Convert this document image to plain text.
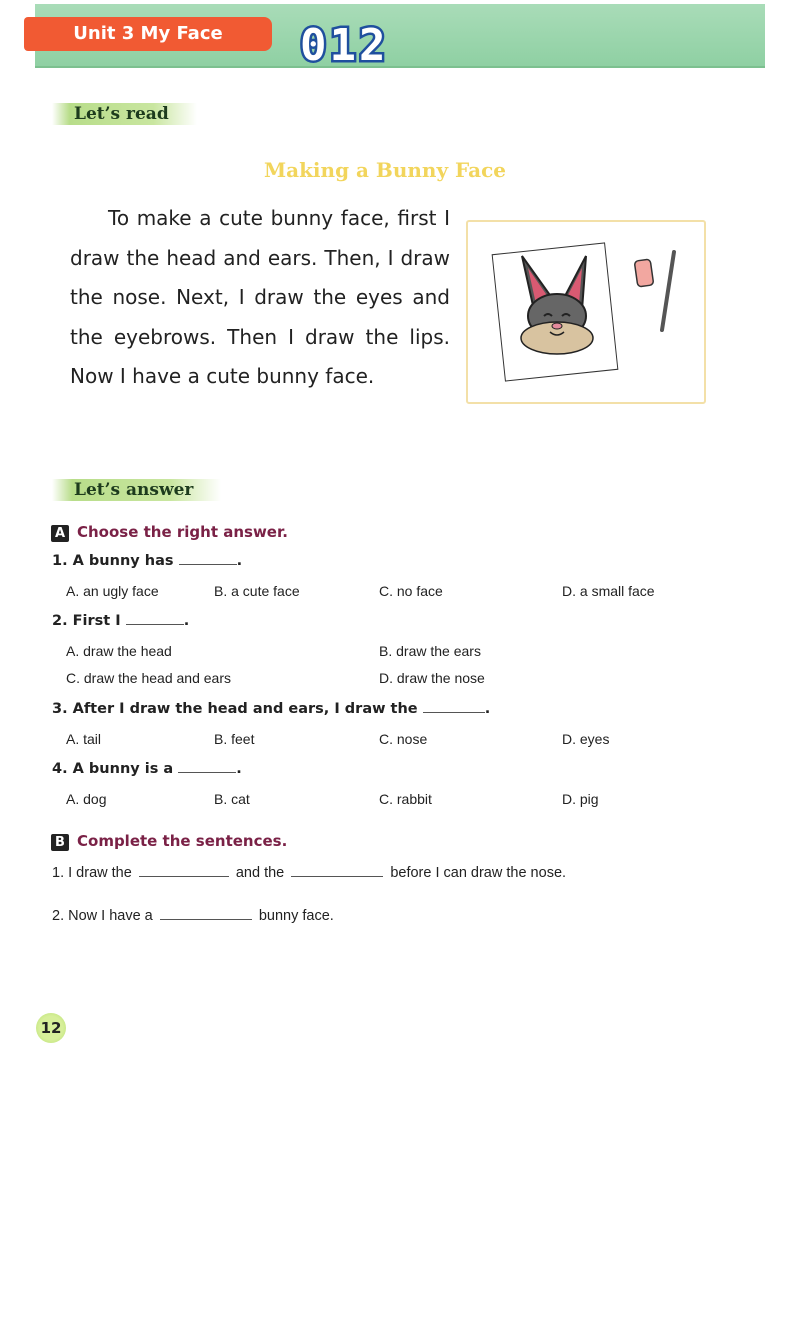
Unit 3 My Face	012
Let’s read
Making a Bunny Face

To make a cute bunny face, first I draw the head and ears. Then, I draw the nose. Next, I draw the eyes and the eyebrows. Then I draw the lips. Now I have a cute bunny face.

Let’s answer
A Choose the right answer.
1. A bunny has	.
A. an ugly face	B. a cute face	C. no face	D. a small face
2. First I	.
A. draw the head	B. draw the ears
C. draw the head and ears	D. draw the nose
3. After I draw the head and ears, I draw the	.
A. tail	B. feet	C. nose	D. eyes
4. A bunny is a	.
A. dog	B. cat	C. rabbit	D. pig
B Complete the sentences.
1. I draw the	and the	before I can draw the nose.
2. Now I have a	bunny face.
12
